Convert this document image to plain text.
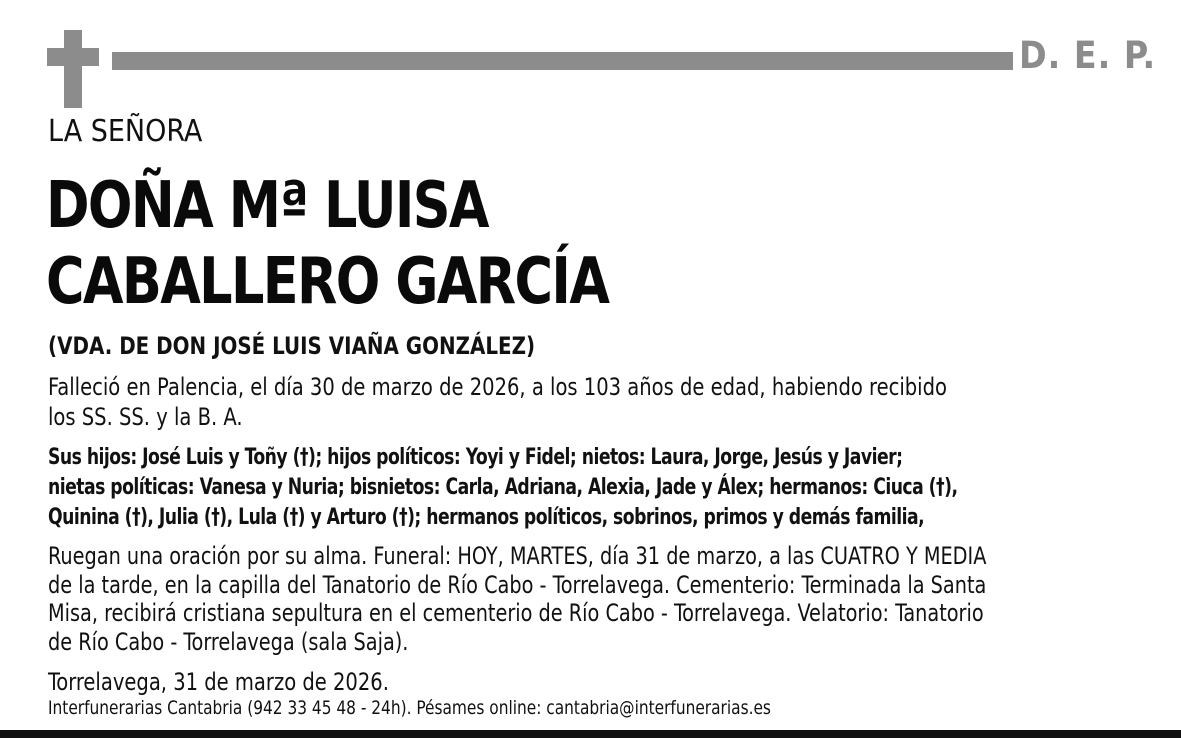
D. E. P.
LA SEÑORA
DOÑA Mª LUISA
CABALLERO GARCÍA
(VDA. DE DON JOSÉ LUIS VIAÑA GONZÁLEZ)
Falleció en Palencia, el día 30 de marzo de 2026, a los 103 años de edad, habiendo recibido
los SS. SS. y la B. A.
Sus hijos: José Luis y Toñy (†); hijos políticos: Yoyi y Fidel; nietos: Laura, Jorge, Jesús y Javier;
nietas políticas: Vanesa y Nuria; bisnietos: Carla, Adriana, Alexia, Jade y Álex; hermanos: Ciuca (†),
Quinina (†), Julia (†), Lula (†) y Arturo (†); hermanos políticos, sobrinos, primos y demás familia,
Ruegan una oración por su alma. Funeral: HOY, MARTES, día 31 de marzo, a las CUATRO Y MEDIA
de la tarde, en la capilla del Tanatorio de Río Cabo - Torrelavega. Cementerio: Terminada la Santa
Misa, recibirá cristiana sepultura en el cementerio de Río Cabo - Torrelavega. Velatorio: Tanatorio
de Río Cabo - Torrelavega (sala Saja).
Torrelavega, 31 de marzo de 2026.
Interfunerarias Cantabria (942 33 45 48 - 24h). Pésames online: cantabria@interfunerarias.es
